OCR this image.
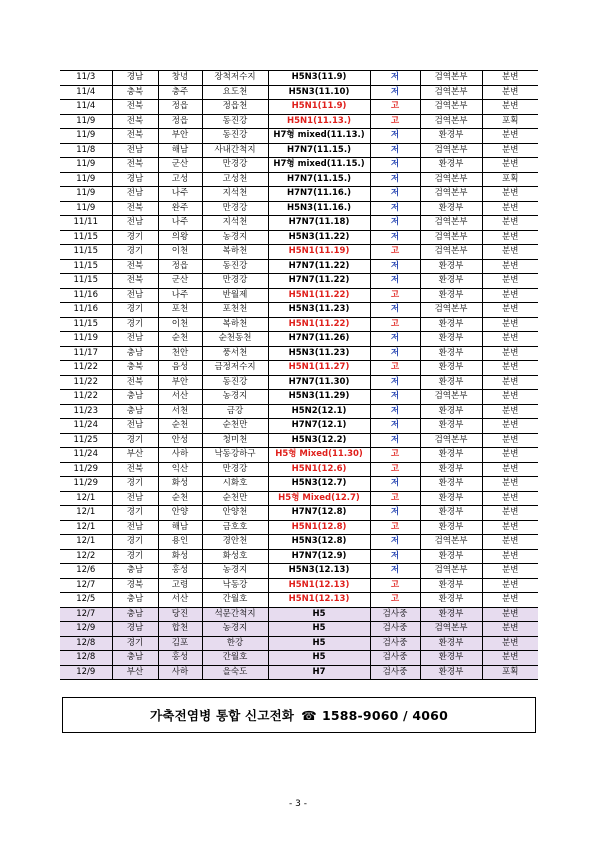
11/3	경남	창녕	장척저수지	H5N3(11.9)	저	검역본부	분변
11/4	충북	충주	요도천	H5N3(11.10)	저	검역본부	분변
11/4	전북	정읍	정읍천	H5N1(11.9)	고	검역본부	분변
11/9	전북	정읍	동진강	H5N1(11.13.)	고	검역본부	포획
11/9	전북	부안	동진강	H7형 mixed(11.13.)	저	환경부	분변
11/8	전남	해남	사내간척지	H7N7(11.15.)	저	검역본부	분변
11/9	전북	군산	만경강	H7형 mixed(11.15.)	저	환경부	분변
11/9	경남	고성	고성천	H7N7(11.15.)	저	검역본부	포획
11/9	전남	나주	지석천	H7N7(11.16.)	저	검역본부	분변
11/9	전북	완주	만경강	H5N3(11.16.)	저	환경부	분변
11/11	전남	나주	지석천	H7N7(11.18)	저	검역본부	분변
11/15	경기	의왕	농경지	H5N3(11.22)	저	검역본부	분변
11/15	경기	이천	복하천	H5N1(11.19)	고	검역본부	분변
11/15	전북	정읍	동진강	H7N7(11.22)	저	환경부	분변
11/15	전북	군산	만경강	H7N7(11.22)	저	환경부	분변
11/16	전남	나주	반월제	H5N1(11.22)	고	환경부	분변
11/16	경기	포천	포천천	H5N3(11.23)	저	검역본부	분변
11/15	경기	이천	복하천	H5N1(11.22)	고	환경부	분변
11/19	전남	순천	순천동천	H7N7(11.26)	저	환경부	분변
11/17	충남	천안	풍서천	H5N3(11.23)	저	환경부	분변
11/22	충북	음성	금정저수지	H5N1(11.27)	고	환경부	분변
11/22	전북	부안	동진강	H7N7(11.30)	저	환경부	분변
11/22	충남	서산	농경지	H5N3(11.29)	저	검역본부	분변
11/23	충남	서천	금강	H5N2(12.1)	저	환경부	분변
11/24	전남	순천	순천만	H7N7(12.1)	저	환경부	분변
11/25	경기	안성	청미천	H5N3(12.2)	저	검역본부	분변
11/24	부산	사하	낙동강하구	H5형 Mixed(11.30)	고	환경부	분변
11/29	전북	익산	만경강	H5N1(12.6)	고	환경부	분변
11/29	경기	화성	시화호	H5N3(12.7)	저	환경부	분변
12/1	전남	순천	순천만	H5형 Mixed(12.7)	고	환경부	분변
12/1	경기	안양	안양천	H7N7(12.8)	저	환경부	분변
12/1	전남	해남	금호호	H5N1(12.8)	고	환경부	분변
12/1	경기	용인	경안천	H5N3(12.8)	저	검역본부	분변
12/2	경기	화성	화성호	H7N7(12.9)	저	환경부	분변
12/6	충남	홍성	농경지	H5N3(12.13)	저	검역본부	분변
12/7	경북	고령	낙동강	H5N1(12.13)	고	환경부	분변
12/5	충남	서산	간월호	H5N1(12.13)	고	환경부	분변
12/7	충남	당진	석문간척지	H5	검사중	환경부	분변
12/9	경남	합천	농경지	H5	검사중	검역본부	분변
12/8	경기	김포	한강	H5	검사중	환경부	분변
12/8	충남	홍성	간월호	H5	검사중	환경부	분변
12/9	부산	사하	을숙도	H7	검사중	환경부	포획
가축전염병 통합 신고전화 ☎ 1588-9060 / 4060
- 3 -
